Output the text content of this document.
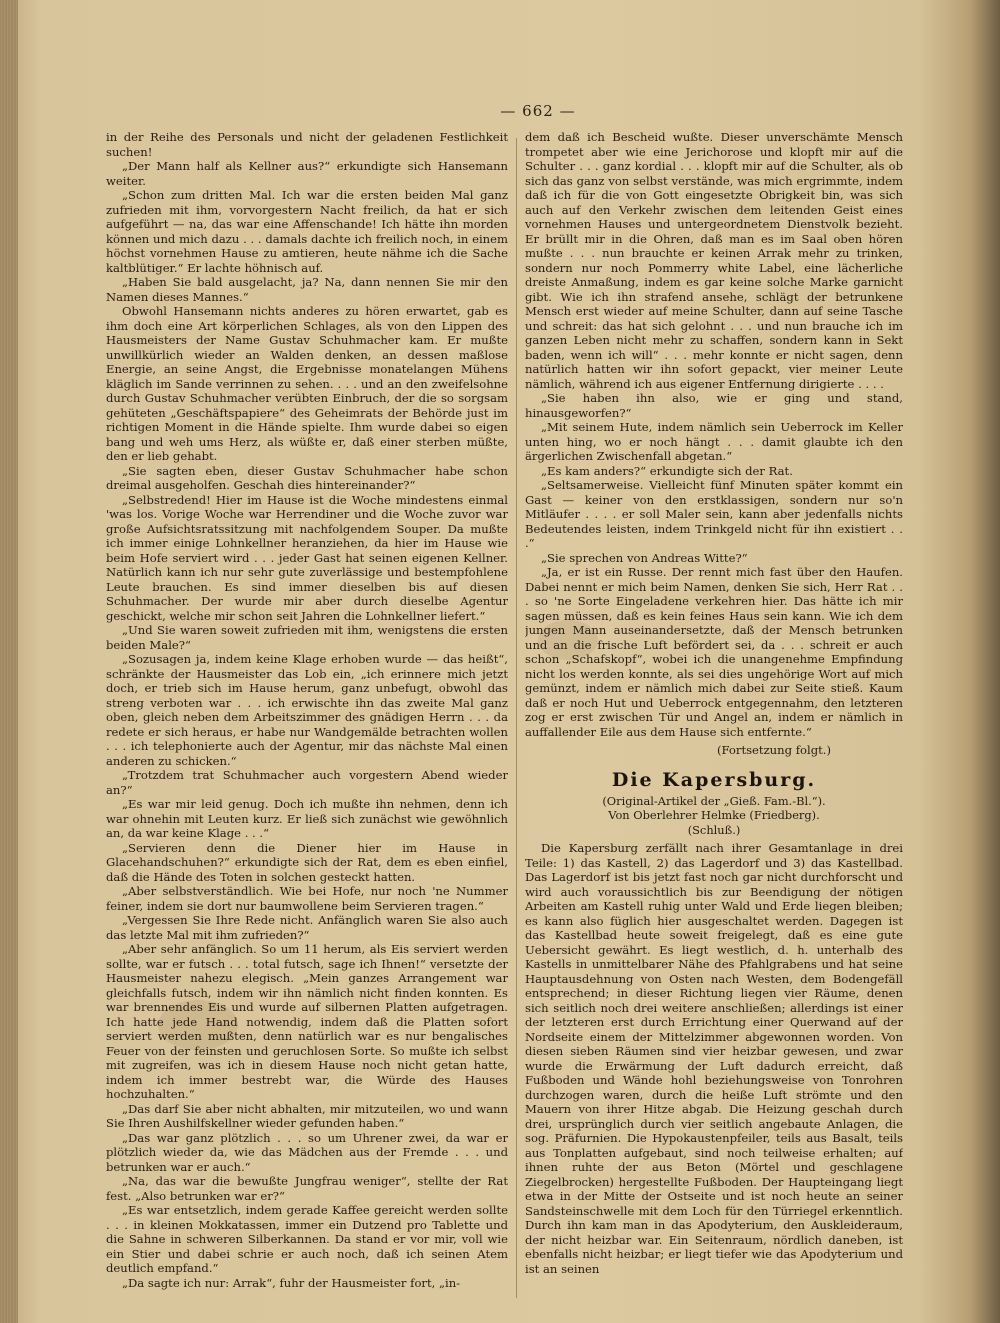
— 662 —

in der Reihe des Personals und nicht der geladenen Festlichkeit suchen!

„Der Mann half als Kellner aus?“ erkundigte sich Hansemann weiter.

„Schon zum dritten Mal. Ich war die ersten beiden Mal ganz zufrieden mit ihm, vorvorgestern Nacht freilich, da hat er sich aufgeführt — na, das war eine Affenschande! Ich hätte ihn morden können und mich dazu . . . damals dachte ich freilich noch, in einem höchst vornehmen Hause zu amtieren, heute nähme ich die Sache kaltblütiger.“ Er lachte höhnisch auf.

„Haben Sie bald ausgelacht, ja? Na, dann nennen Sie mir den Namen dieses Mannes.“

Obwohl Hansemann nichts anderes zu hören erwartet, gab es ihm doch eine Art körperlichen Schlages, als von den Lippen des Hausmeisters der Name Gustav Schuhmacher kam. Er mußte unwillkürlich wieder an Walden denken, an dessen maßlose Energie, an seine Angst, die Ergebnisse monatelangen Mühens kläglich im Sande verrinnen zu sehen. . . . und an den zweifelsohne durch Gustav Schuhmacher verübten Einbruch, der die so sorgsam gehüteten „Geschäftspapiere“ des Geheimrats der Behörde just im richtigen Moment in die Hände spielte. Ihm wurde dabei so eigen bang und weh ums Herz, als wüßte er, daß einer sterben müßte, den er lieb gehabt.

„Sie sagten eben, dieser Gustav Schuhmacher habe schon dreimal ausgeholfen. Geschah dies hintereinander?“

„Selbstredend! Hier im Hause ist die Woche mindestens einmal 'was los. Vorige Woche war Herrendiner und die Woche zuvor war große Aufsichtsratssitzung mit nachfolgendem Souper. Da mußte ich immer einige Lohnkellner heranziehen, da hier im Hause wie beim Hofe serviert wird . . . jeder Gast hat seinen eigenen Kellner. Natürlich kann ich nur sehr gute zuverlässige und bestempfohlene Leute brauchen. Es sind immer dieselben bis auf diesen Schuhmacher. Der wurde mir aber durch dieselbe Agentur geschickt, welche mir schon seit Jahren die Lohnkellner liefert.“

„Und Sie waren soweit zufrieden mit ihm, wenigstens die ersten beiden Male?“

„Sozusagen ja, indem keine Klage erhoben wurde — das heißt“, schränkte der Hausmeister das Lob ein, „ich erinnere mich jetzt doch, er trieb sich im Hause herum, ganz unbefugt, obwohl das streng verboten war . . . ich erwischte ihn das zweite Mal ganz oben, gleich neben dem Arbeitszimmer des gnädigen Herrn . . . da redete er sich heraus, er habe nur Wandgemälde betrachten wollen . . . ich telephonierte auch der Agentur, mir das nächste Mal einen anderen zu schicken.“

„Trotzdem trat Schuhmacher auch vorgestern Abend wieder an?“

„Es war mir leid genug. Doch ich mußte ihn nehmen, denn ich war ohnehin mit Leuten kurz. Er ließ sich zunächst wie gewöhnlich an, da war keine Klage . . .“

„Servieren denn die Diener hier im Hause in Glacehandschuhen?“ erkundigte sich der Rat, dem es eben einfiel, daß die Hände des Toten in solchen gesteckt hatten.

„Aber selbstverständlich. Wie bei Hofe, nur noch 'ne Nummer feiner, indem sie dort nur baumwollene beim Servieren tragen.“

„Vergessen Sie Ihre Rede nicht. Anfänglich waren Sie also auch das letzte Mal mit ihm zufrieden?“

„Aber sehr anfänglich. So um 11 herum, als Eis serviert werden sollte, war er futsch . . . total futsch, sage ich Ihnen!“ versetzte der Hausmeister nahezu elegisch. „Mein ganzes Arrangement war gleichfalls futsch, indem wir ihn nämlich nicht finden konnten. Es war brennendes Eis und wurde auf silbernen Platten aufgetragen. Ich hatte jede Hand notwendig, indem daß die Platten sofort serviert werden mußten, denn natürlich war es nur bengalisches Feuer von der feinsten und geruchlosen Sorte. So mußte ich selbst mit zugreifen, was ich in diesem Hause noch nicht getan hatte, indem ich immer bestrebt war, die Würde des Hauses hochzuhalten.“

„Das darf Sie aber nicht abhalten, mir mitzuteilen, wo und wann Sie Ihren Aushilfskellner wieder gefunden haben.“

„Das war ganz plötzlich . . . so um Uhrener zwei, da war er plötzlich wieder da, wie das Mädchen aus der Fremde . . . und betrunken war er auch.“

„Na, das war die bewußte Jungfrau weniger“, stellte der Rat fest. „Also betrunken war er?“

„Es war entsetzlich, indem gerade Kaffee gereicht werden sollte . . . in kleinen Mokkatassen, immer ein Dutzend pro Tablette und die Sahne in schweren Silberkannen. Da stand er vor mir, voll wie ein Stier und dabei schrie er auch noch, daß ich seinen Atem deutlich empfand.“

„Da sagte ich nur: Arrak“, fuhr der Hausmeister fort, „in-

dem daß ich Bescheid wußte. Dieser unverschämte Mensch trompetet aber wie eine Jerichorose und klopft mir auf die Schulter . . . ganz kordial . . . klopft mir auf die Schulter, als ob sich das ganz von selbst verstände, was mich ergrimmte, indem daß ich für die von Gott eingesetzte Obrigkeit bin, was sich auch auf den Verkehr zwischen dem leitenden Geist eines vornehmen Hauses und untergeordnetem Dienstvolk bezieht. Er brüllt mir in die Ohren, daß man es im Saal oben hören mußte . . . nun brauchte er keinen Arrak mehr zu trinken, sondern nur noch Pommerry white Label, eine lächerliche dreiste Anmaßung, indem es gar keine solche Marke garnicht gibt. Wie ich ihn strafend ansehe, schlägt der betrunkene Mensch erst wieder auf meine Schulter, dann auf seine Tasche und schreit: das hat sich gelohnt . . . und nun brauche ich im ganzen Leben nicht mehr zu schaffen, sondern kann in Sekt baden, wenn ich will“ . . . mehr konnte er nicht sagen, denn natürlich hatten wir ihn sofort gepackt, vier meiner Leute nämlich, während ich aus eigener Entfernung dirigierte . . . .

„Sie haben ihn also, wie er ging und stand, hinausgeworfen?“

„Mit seinem Hute, indem nämlich sein Ueberrock im Keller unten hing, wo er noch hängt . . . damit glaubte ich den ärgerlichen Zwischenfall abgetan.“

„Es kam anders?“ erkundigte sich der Rat.

„Seltsamerweise. Vielleicht fünf Minuten später kommt ein Gast — keiner von den erstklassigen, sondern nur so'n Mitläufer . . . . er soll Maler sein, kann aber jedenfalls nichts Bedeutendes leisten, indem Trinkgeld nicht für ihn existiert . . .“

„Sie sprechen von Andreas Witte?“

„Ja, er ist ein Russe. Der rennt mich fast über den Haufen. Dabei nennt er mich beim Namen, denken Sie sich, Herr Rat . . . so 'ne Sorte Eingeladene verkehren hier. Das hätte ich mir sagen müssen, daß es kein feines Haus sein kann. Wie ich dem jungen Mann auseinandersetzte, daß der Mensch betrunken und an die frische Luft befördert sei, da . . . schreit er auch schon „Schafskopf“, wobei ich die unangenehme Empfindung nicht los werden konnte, als sei dies ungehörige Wort auf mich gemünzt, indem er nämlich mich dabei zur Seite stieß. Kaum daß er noch Hut und Ueberrock entgegennahm, den letzteren zog er erst zwischen Tür und Angel an, indem er nämlich in auffallender Eile aus dem Hause sich entfernte.“

(Fortsetzung folgt.)

Die Kapersburg.

(Original-Artikel der „Gieß. Fam.-Bl.“).

Von Oberlehrer Helmke (Friedberg).

(Schluß.)

Die Kapersburg zerfällt nach ihrer Gesamtanlage in drei Teile: 1) das Kastell, 2) das Lagerdorf und 3) das Kastellbad. Das Lagerdorf ist bis jetzt fast noch gar nicht durchforscht und wird auch voraussichtlich bis zur Beendigung der nötigen Arbeiten am Kastell ruhig unter Wald und Erde liegen bleiben; es kann also füglich hier ausgeschaltet werden. Dagegen ist das Kastellbad heute soweit freigelegt, daß es eine gute Uebersicht gewährt. Es liegt westlich, d. h. unterhalb des Kastells in unmittelbarer Nähe des Pfahlgrabens und hat seine Hauptausdehnung von Osten nach Westen, dem Bodengefäll entsprechend; in dieser Richtung liegen vier Räume, denen sich seitlich noch drei weitere anschließen; allerdings ist einer der letzteren erst durch Errichtung einer Querwand auf der Nordseite einem der Mittelzimmer abgewonnen worden. Von diesen sieben Räumen sind vier heizbar gewesen, und zwar wurde die Erwärmung der Luft dadurch erreicht, daß Fußboden und Wände hohl beziehungsweise von Tonrohren durchzogen waren, durch die heiße Luft strömte und den Mauern von ihrer Hitze abgab. Die Heizung geschah durch drei, ursprünglich durch vier seitlich angebaute Anlagen, die sog. Präfurnien. Die Hypokaustenpfeiler, teils aus Basalt, teils aus Tonplatten aufgebaut, sind noch teilweise erhalten; auf ihnen ruhte der aus Beton (Mörtel und geschlagene Ziegelbrocken) hergestellte Fußboden. Der Haupteingang liegt etwa in der Mitte der Ostseite und ist noch heute an seiner Sandsteinschwelle mit dem Loch für den Türriegel erkenntlich. Durch ihn kam man in das Apodyterium, den Auskleideraum, der nicht heizbar war. Ein Seitenraum, nördlich daneben, ist ebenfalls nicht heizbar; er liegt tiefer wie das Apodyterium und ist an seinen
